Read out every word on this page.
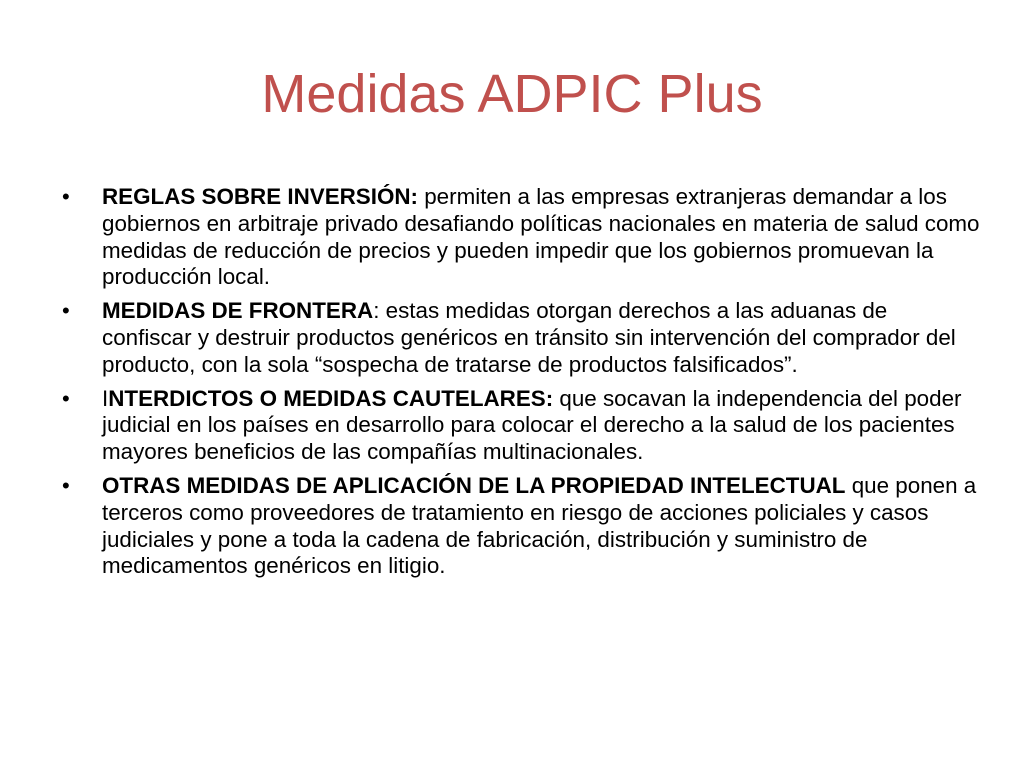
Medidas ADPIC Plus
• REGLAS SOBRE INVERSIÓN: permiten a las empresas extranjeras demandar a los gobiernos en arbitraje privado desafiando políticas nacionales en materia de salud como medidas de reducción de precios y pueden impedir que los gobiernos promuevan la producción local.
• MEDIDAS DE FRONTERA: estas medidas otorgan derechos a las aduanas de confiscar y destruir productos genéricos en tránsito sin intervención del comprador del producto, con la sola “sospecha de tratarse de productos falsificados”.
• INTERDICTOS O MEDIDAS CAUTELARES: que socavan la independencia del poder judicial en los países en desarrollo para colocar el derecho a la salud de los pacientes mayores beneficios de las compañías multinacionales.
• OTRAS MEDIDAS DE APLICACIÓN DE LA PROPIEDAD INTELECTUAL que ponen a terceros como proveedores de tratamiento en riesgo de acciones policiales y casos judiciales y pone a toda la cadena de fabricación, distribución y suministro de medicamentos genéricos en litigio.
